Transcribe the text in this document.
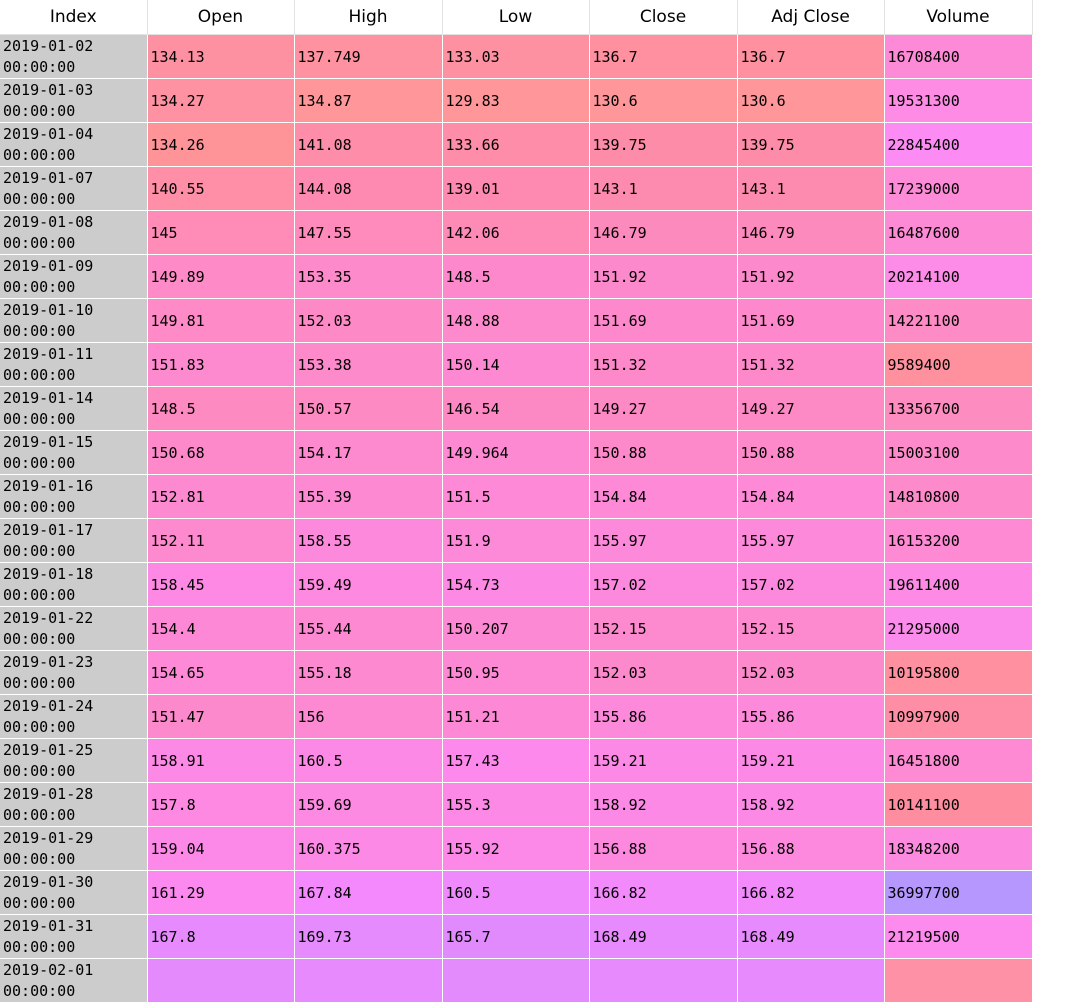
Index	Open	High	Low	Close	Adj Close	Volume

2019-01-02
00:00:00	134.13	137.749	133.03	136.7	136.7	16708400

2019-01-03
00:00:00	134.27	134.87	129.83	130.6	130.6	19531300

2019-01-04
00:00:00	134.26	141.08	133.66	139.75	139.75	22845400

2019-01-07
00:00:00	140.55	144.08	139.01	143.1	143.1	17239000

2019-01-08
00:00:00	145	147.55	142.06	146.79	146.79	16487600

2019-01-09
00:00:00	149.89	153.35	148.5	151.92	151.92	20214100

2019-01-10
00:00:00	149.81	152.03	148.88	151.69	151.69	14221100

2019-01-11
00:00:00	151.83	153.38	150.14	151.32	151.32	9589400

2019-01-14
00:00:00	148.5	150.57	146.54	149.27	149.27	13356700

2019-01-15
00:00:00	150.68	154.17	149.964	150.88	150.88	15003100

2019-01-16
00:00:00	152.81	155.39	151.5	154.84	154.84	14810800

2019-01-17
00:00:00	152.11	158.55	151.9	155.97	155.97	16153200

2019-01-18
00:00:00	158.45	159.49	154.73	157.02	157.02	19611400

2019-01-22
00:00:00	154.4	155.44	150.207	152.15	152.15	21295000

2019-01-23
00:00:00	154.65	155.18	150.95	152.03	152.03	10195800

2019-01-24
00:00:00	151.47	156	151.21	155.86	155.86	10997900

2019-01-25
00:00:00	158.91	160.5	157.43	159.21	159.21	16451800

2019-01-28
00:00:00	157.8	159.69	155.3	158.92	158.92	10141100

2019-01-29
00:00:00	159.04	160.375	155.92	156.88	156.88	18348200

2019-01-30
00:00:00	161.29	167.84	160.5	166.82	166.82	36997700

2019-01-31
00:00:00	167.8	169.73	165.7	168.49	168.49	21219500

2019-02-01
00:00:00						
